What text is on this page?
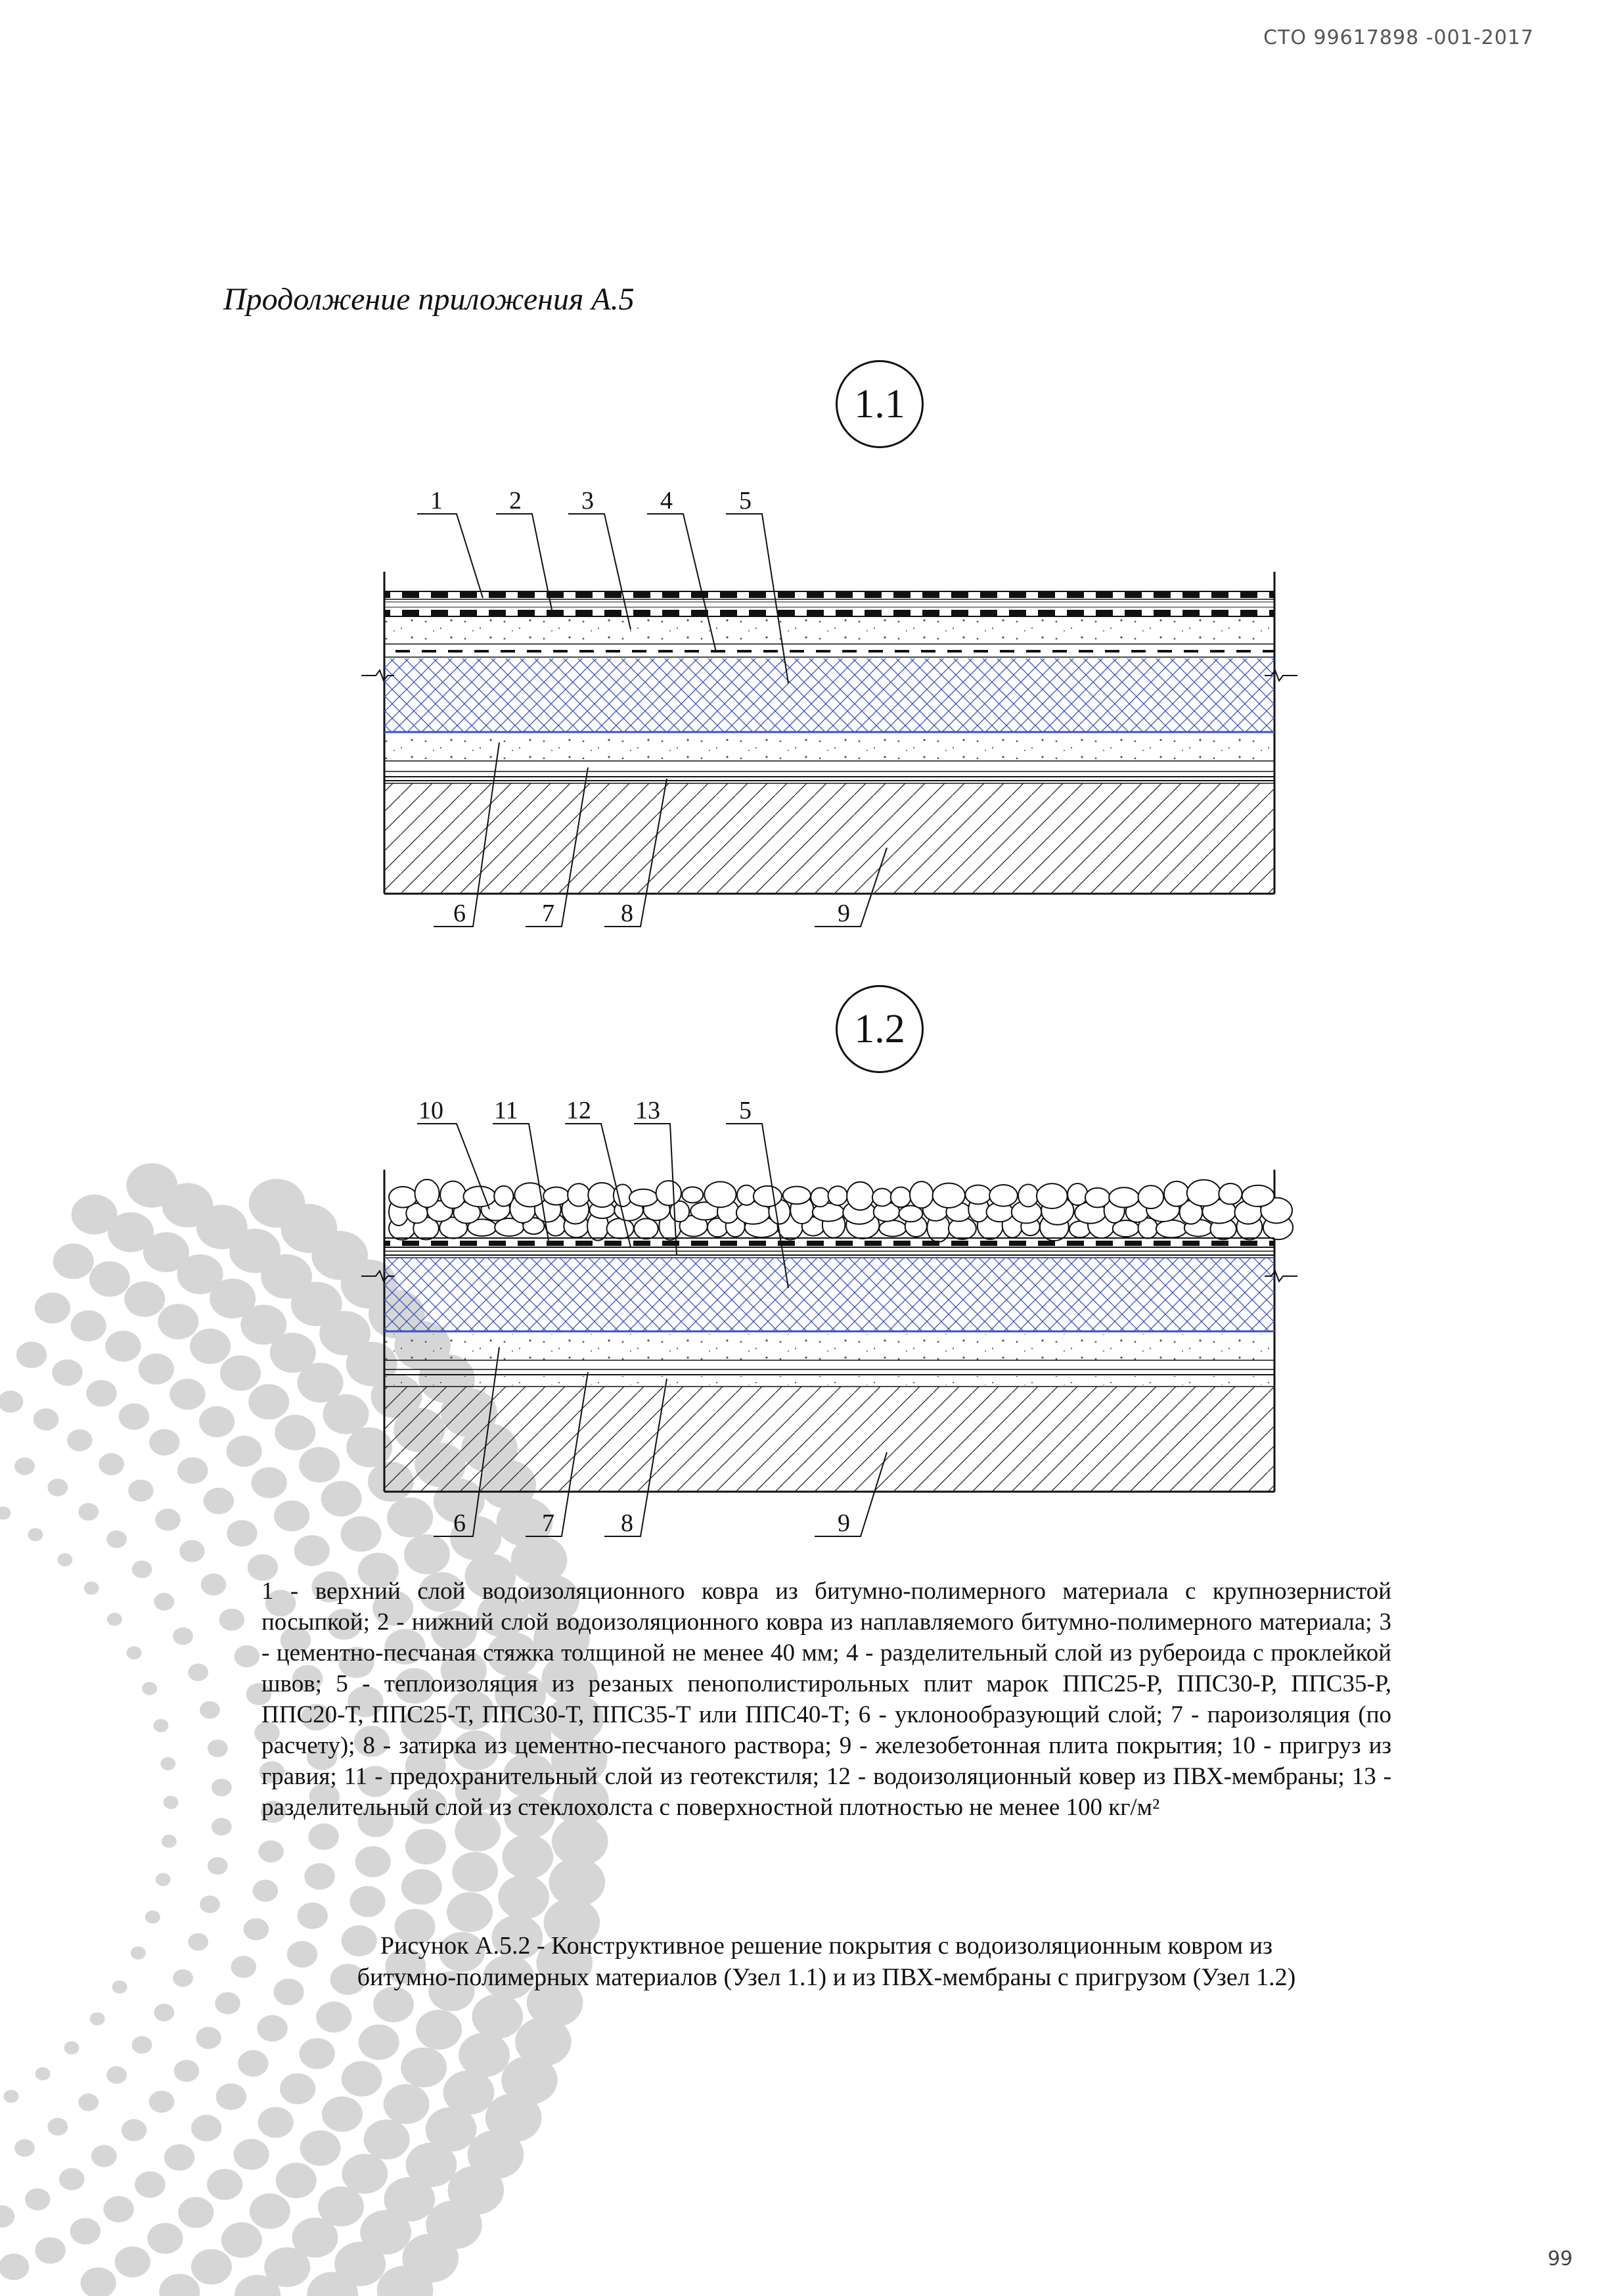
СТО 99617898 -001-2017
Продолжение приложения А.5
1.1
1.2
1	2 3	4	5
6	7	8	9
10 11 12 13	5
6	7	8	9
1 - верхний слой водоизоляционного ковра из битумно-полимерного материала с крупнозернистой посыпкой; 2 - нижний слой водоизоляционного ковра из наплавляемого битумно-полимерного материала; 3 - цементно-песчаная стяжка толщиной не менее 40 мм; 4 - разделительный слой из рубероида с проклейкой швов; 5 - теплоизоляция из резаных пенополистирольных плит марок ППС25-Р, ППС30-Р, ППС35-Р, ППС20-Т, ППС25-Т, ППС30-Т, ППС35-Т или ППС40-Т; 6 - уклонообразующий слой; 7 - пароизоляция (по расчету); 8 - затирка из цементно-песчаного раствора; 9 - железобетонная плита покрытия; 10 - пригруз из гравия; 11 - предохранительный слой из геотекстиля; 12 - водоизоляционный ковер из ПВХ-мембраны; 13 - разделительный слой из стеклохолста с поверхностной плотностью не менее 100 кг/м²
Рисунок А.5.2 - Конструктивное решение покрытия с водоизоляционным ковром из
битумно-полимерных материалов (Узел 1.1) и из ПВХ-мембраны с пригрузом (Узел 1.2)
99
